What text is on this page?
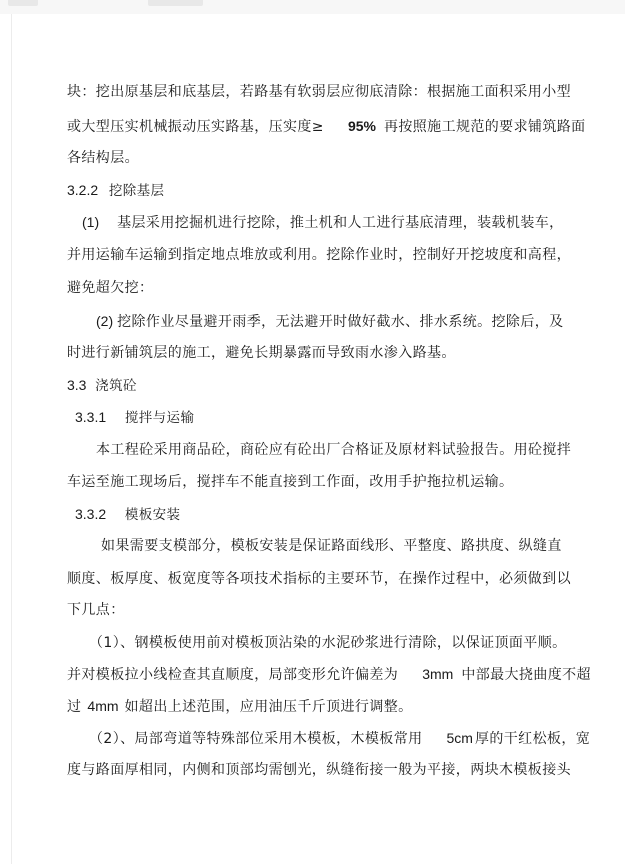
块：挖出原基层和底基层，若路基有软弱层应彻底清除：根据施工面积采用小型
或大型压实机械振动压实路基，压实度≥ 95% 再按照施工规范的要求铺筑路面
各结构层。
3.2.2 挖除基层
(1) 基层采用挖掘机进行挖除，推土机和人工进行基底清理，装载机装车，
并用运输车运输到指定地点堆放或利用。挖除作业时，控制好开挖坡度和高程，
避免超欠挖：
(2) 挖除作业尽量避开雨季，无法避开时做好截水、排水系统。挖除后，及
时进行新铺筑层的施工，避免长期暴露而导致雨水渗入路基。
3.3 浇筑砼
3.3.1 搅拌与运输
本工程砼采用商品砼，商砼应有砼出厂合格证及原材料试验报告。用砼搅拌
车运至施工现场后，搅拌车不能直接到工作面，改用手护拖拉机运输。
3.3.2 模板安装
如果需要支模部分，模板安装是保证路面线形、平整度、路拱度、纵缝直
顺度、板厚度、板宽度等各项技术指标的主要环节，在操作过程中，必须做到以
下几点：
（1）、钢模板使用前对模板顶沾染的水泥砂浆进行清除，以保证顶面平顺。
并对模板拉小线检查其直顺度，局部变形允许偏差为 3mm 中部最大挠曲度不超
过 4mm 如超出上述范围，应用油压千斤顶进行调整。
（2）、局部弯道等特殊部位采用木模板，木模板常用 5cm 厚的干红松板，宽
度与路面厚相同，内侧和顶部均需刨光，纵缝衔接一般为平接，两块木模板接头
